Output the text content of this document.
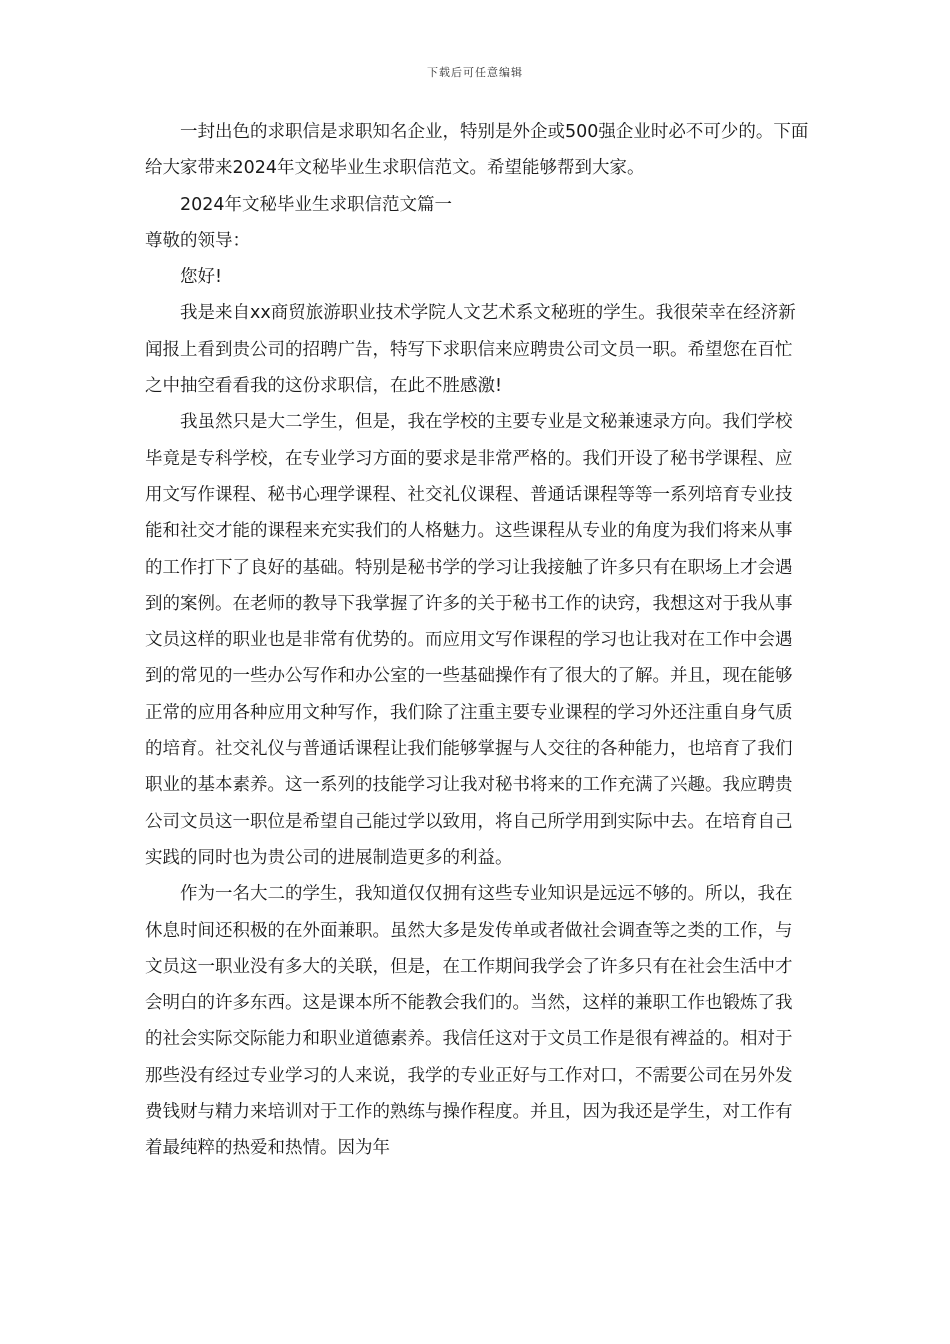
下载后可任意编辑

一封出色的求职信是求职知名企业，特别是外企或500强企业时必不可少的。下面给大家带来2024年文秘毕业生求职信范文。希望能够帮到大家。

2024年文秘毕业生求职信范文篇一

尊敬的领导：

您好!

我是来自xx商贸旅游职业技术学院人文艺术系文秘班的学生。我很荣幸在经济新闻报上看到贵公司的招聘广告，特写下求职信来应聘贵公司文员一职。希望您在百忙之中抽空看看我的这份求职信，在此不胜感激!

我虽然只是大二学生，但是，我在学校的主要专业是文秘兼速录方向。我们学校毕竟是专科学校，在专业学习方面的要求是非常严格的。我们开设了秘书学课程、应用文写作课程、秘书心理学课程、社交礼仪课程、普通话课程等等一系列培育专业技能和社交才能的课程来充实我们的人格魅力。这些课程从专业的角度为我们将来从事的工作打下了良好的基础。特别是秘书学的学习让我接触了许多只有在职场上才会遇到的案例。在老师的教导下我掌握了许多的关于秘书工作的诀窍，我想这对于我从事文员这样的职业也是非常有优势的。而应用文写作课程的学习也让我对在工作中会遇到的常见的一些办公写作和办公室的一些基础操作有了很大的了解。并且，现在能够正常的应用各种应用文种写作，我们除了注重主要专业课程的学习外还注重自身气质的培育。社交礼仪与普通话课程让我们能够掌握与人交往的各种能力，也培育了我们职业的基本素养。这一系列的技能学习让我对秘书将来的工作充满了兴趣。我应聘贵公司文员这一职位是希望自己能过学以致用，将自己所学用到实际中去。在培育自己实践的同时也为贵公司的进展制造更多的利益。

作为一名大二的学生，我知道仅仅拥有这些专业知识是远远不够的。所以，我在休息时间还积极的在外面兼职。虽然大多是发传单或者做社会调查等之类的工作，与文员这一职业没有多大的关联，但是，在工作期间我学会了许多只有在社会生活中才会明白的许多东西。这是课本所不能教会我们的。当然，这样的兼职工作也锻炼了我的社会实际交际能力和职业道德素养。我信任这对于文员工作是很有裨益的。相对于那些没有经过专业学习的人来说，我学的专业正好与工作对口，不需要公司在另外发费钱财与精力来培训对于工作的熟练与操作程度。并且，因为我还是学生，对工作有着最纯粹的热爱和热情。因为年
